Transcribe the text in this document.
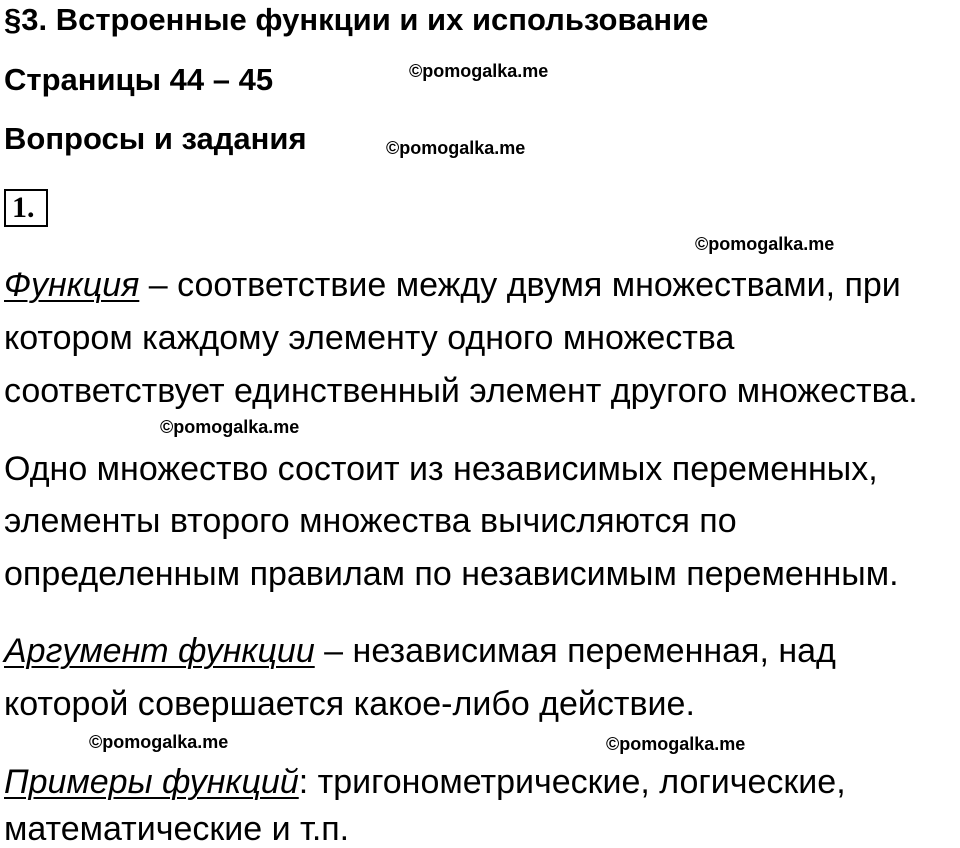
§3. Встроенные функции и их использование
Страницы 44 – 45
Вопросы и задания
©pomogalka.me
©pomogalka.me
©pomogalka.me
©pomogalka.me
©pomogalka.me	©pomogalka.me
1.
Функция – соответствие между двумя множествами, при
котором каждому элементу одного множества
соответствует единственный элемент другого множества.
Одно множество состоит из независимых переменных,
элементы второго множества вычисляются по
определенным правилам по независимым переменным.
Аргумент функции – независимая переменная, над
которой совершается какое-либо действие.
Примеры функций: тригонометрические, логические,
математические и т.п.
